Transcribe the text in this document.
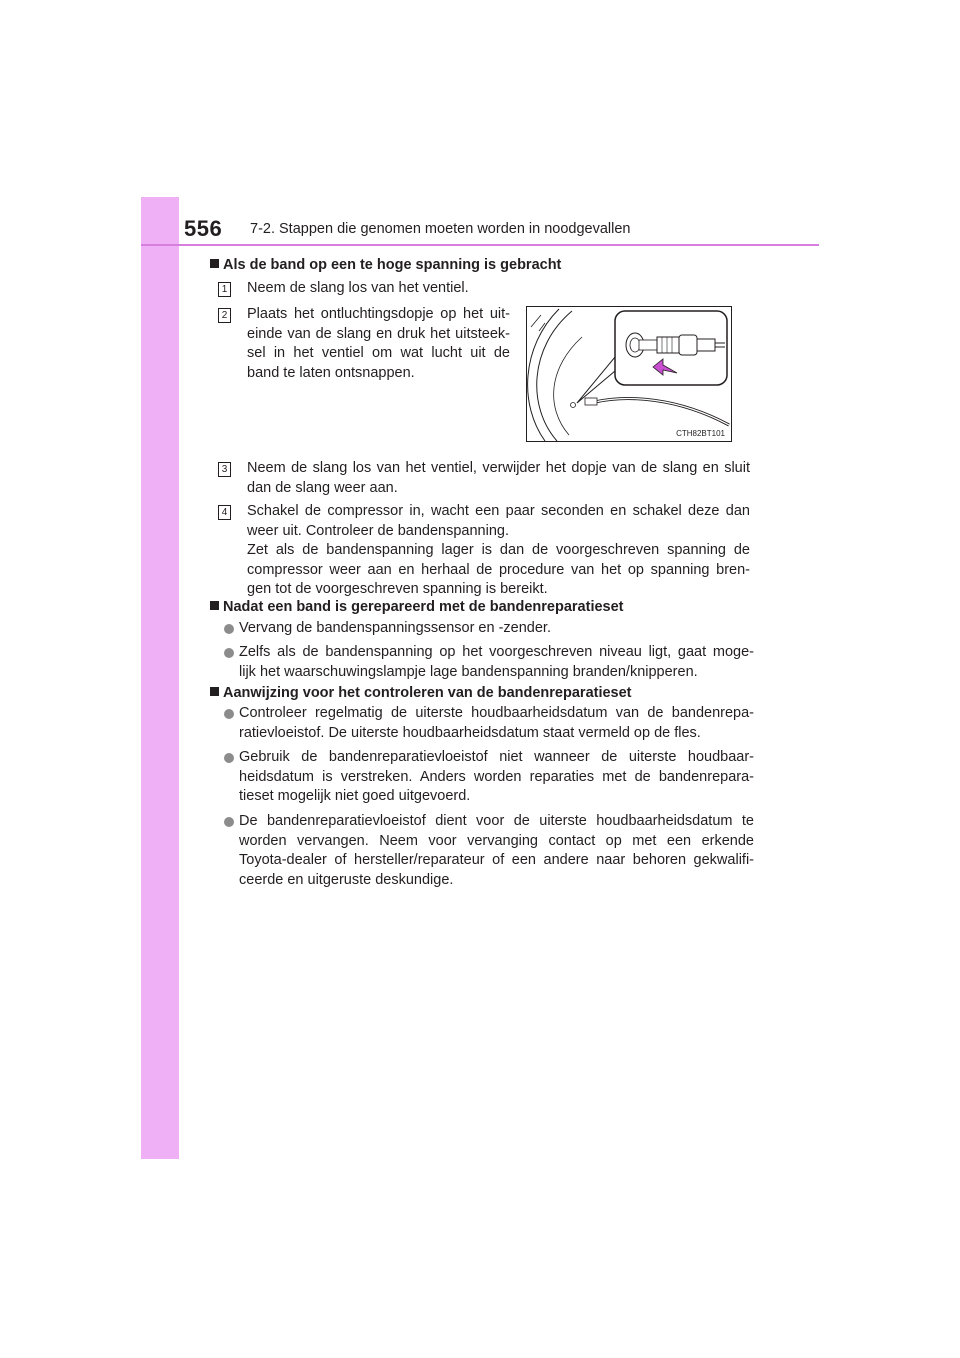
556 7-2. Stappen die genomen moeten worden in noodgevallen
Als de band op een te hoge spanning is gebracht
1 Neem de slang los van het ventiel.
2 Plaats het ontluchtingsdopje op het uit-
einde van de slang en druk het uitsteek-
sel in het ventiel om wat lucht uit de
band te laten ontsnappen.
3 Neem de slang los van het ventiel, verwijder het dopje van de slang en sluit
dan de slang weer aan.
4 Schakel de compressor in, wacht een paar seconden en schakel deze dan
weer uit. Controleer de bandenspanning.
Zet als de bandenspanning lager is dan de voorgeschreven spanning de
compressor weer aan en herhaal de procedure van het op spanning bren-
gen tot de voorgeschreven spanning is bereikt.
Nadat een band is gerepareerd met de bandenreparatieset
Vervang de bandenspanningssensor en -zender.
Zelfs als de bandenspanning op het voorgeschreven niveau ligt, gaat moge-
lijk het waarschuwingslampje lage bandenspanning branden/knipperen.
Aanwijzing voor het controleren van de bandenreparatieset
Controleer regelmatig de uiterste houdbaarheidsdatum van de bandenrepa-
ratievloeistof. De uiterste houdbaarheidsdatum staat vermeld op de fles.
Gebruik de bandenreparatievloeistof niet wanneer de uiterste houdbaar-
heidsdatum is verstreken. Anders worden reparaties met de bandenrepara-
tieset mogelijk niet goed uitgevoerd.
De bandenreparatievloeistof dient voor de uiterste houdbaarheidsdatum te
worden vervangen. Neem voor vervanging contact op met een erkende
Toyota-dealer of hersteller/reparateur of een andere naar behoren gekwalifi-
ceerde en uitgeruste deskundige.
CTH82BT101
